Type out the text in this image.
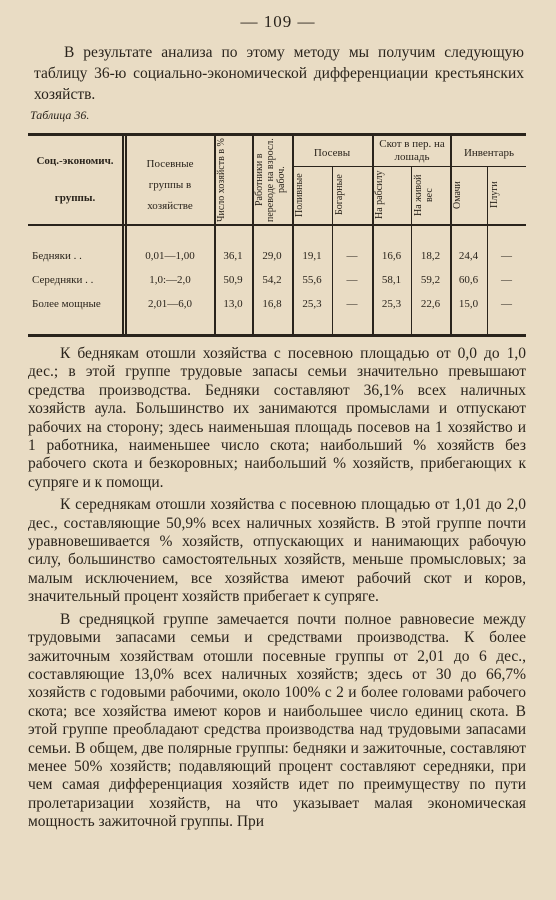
— 109 —
В результате анализа по этому методу мы получим следующую таблицу 36-ю социально-экономической дифференциации крестьянских хозяйств.
Таблица 36.
Соц.-экономич.
группы.
Посевные группы в хозяйстве	Число хозяйств в %	Работники в переводе на взросл. рабоч.
Посевы
Поливные	Богарные
Скот в пер. на лошадь
На рабсилу	На живой вес
Инвентарь
Омачи	Плуги
Бедняки . .	0,01—1,00	36,1	29,0	19,1	—	16,6	18,2	24,4	—
Середняки . .	1,0:—2,0	50,9	54,2	55,6	—	58,1	59,2	60,6	—
Более мощные	2,01—6,0	13,0	16,8	25,3	—	25,3	22,6	15,0	—

К беднякам отошли хозяйства с посевною площадью от 0,0 до 1,0 дес.; в этой группе трудовые запасы семьи значительно превышают средства производства. Бедняки составляют 36,1% всех наличных хозяйств аула. Большинство их занимаются промыслами и отпускают рабочих на сторону; здесь наименьшая площадь посевов на 1 хозяйство и 1 работника, наименьшее число скота; наибольший % хозяйств без рабочего скота и безкоровных; наибольший % хозяйств, прибегающих к супряге и к помощи.

К середнякам отошли хозяйства с посевною площадью от 1,01 до 2,0 дес., составляющие 50,9% всех наличных хозяйств. В этой группе почти уравновешивается % хозяйств, отпускающих и нанимающих рабочую силу, большинство самостоятельных хозяйств, меньше промысловых; за малым исключением, все хозяйства имеют рабочий скот и коров, значительный процент хозяйств прибегает к супряге.

В средняцкой группе замечается почти полное равновесие между трудовыми запасами семьи и средствами производства. К более зажиточным хозяйствам отошли посевные группы от 2,01 до 6 дес., составляющие 13,0% всех наличных хозяйств; здесь от 30 до 66,7% хозяйств с годовыми рабочими, около 100% с 2 и более головами рабочего скота; все хозяйства имеют коров и наибольшее число единиц скота. В этой группе преобладают средства производства над трудовыми запасами семьи. В общем, две полярные группы: бедняки и зажиточные, составляют менее 50% хозяйств; подавляющий процент составляют середняки, при чем самая дифференциация хозяйств идет по преимуществу по пути пролетаризации хозяйств, на что указывает малая экономическая мощность зажиточной группы. При
